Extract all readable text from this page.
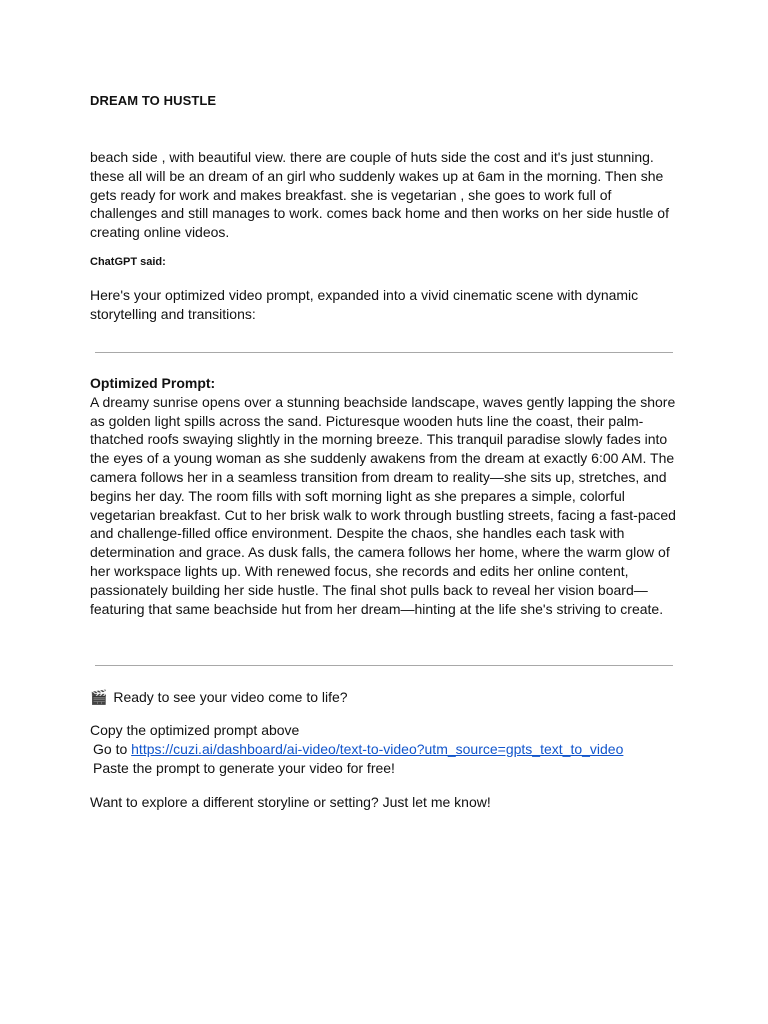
DREAM TO HUSTLE

beach side , with beautiful view. there are couple of huts side the cost and it's just stunning. these all will be an dream of an girl who suddenly wakes up at 6am in the morning. Then she gets ready for work and makes breakfast. she is vegetarian , she goes to work full of challenges and still manages to work. comes back home and then works on her side hustle of creating online videos.

ChatGPT said:

Here's your optimized video prompt, expanded into a vivid cinematic scene with dynamic storytelling and transitions:

Optimized Prompt:
A dreamy sunrise opens over a stunning beachside landscape, waves gently lapping the shore as golden light spills across the sand. Picturesque wooden huts line the coast, their palm-thatched roofs swaying slightly in the morning breeze. This tranquil paradise slowly fades into the eyes of a young woman as she suddenly awakens from the dream at exactly 6:00 AM. The camera follows her in a seamless transition from dream to reality—she sits up, stretches, and begins her day. The room fills with soft morning light as she prepares a simple, colorful vegetarian breakfast. Cut to her brisk walk to work through bustling streets, facing a fast-paced and challenge-filled office environment. Despite the chaos, she handles each task with determination and grace. As dusk falls, the camera follows her home, where the warm glow of her workspace lights up. With renewed focus, she records and edits her online content, passionately building her side hustle. The final shot pulls back to reveal her vision board—featuring that same beachside hut from her dream—hinting at the life she's striving to create.

🎬 Ready to see your video come to life?

Copy the optimized prompt above
Go to https://cuzi.ai/dashboard/ai-video/text-to-video?utm_source=gpts_text_to_video
Paste the prompt to generate your video for free!

Want to explore a different storyline or setting? Just let me know!
